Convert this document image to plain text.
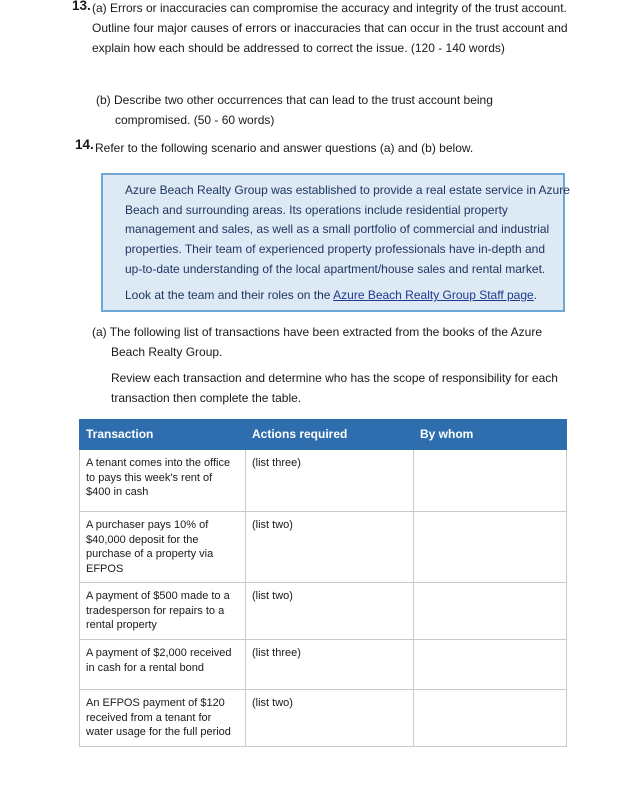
13. (a) Errors or inaccuracies can compromise the accuracy and integrity of the trust account.
Outline four major causes of errors or inaccuracies that can occur in the trust account and
explain how each should be addressed to correct the issue. (120 - 140 words)
(b) Describe two other occurrences that can lead to the trust account being
compromised. (50 - 60 words)
14. Refer to the following scenario and answer questions (a) and (b) below.
Azure Beach Realty Group was established to provide a real estate service in Azure
Beach and surrounding areas. Its operations include residential property
management and sales, as well as a small portfolio of commercial and industrial
properties. Their team of experienced property professionals have in-depth and
up-to-date understanding of the local apartment/house sales and rental market.
Look at the team and their roles on the Azure Beach Realty Group Staff page.
(a) The following list of transactions have been extracted from the books of the Azure
Beach Realty Group.
Review each transaction and determine who has the scope of responsibility for each
transaction then complete the table.
Transaction	Actions required	By whom
A tenant comes into the office to pays this week's rent of $400 in cash	(list three)	
A purchaser pays 10% of $40,000 deposit for the purchase of a property via EFPOS	(list two)	
A payment of $500 made to a tradesperson for repairs to a rental property	(list two)	
A payment of $2,000 received in cash for a rental bond	(list three)	
An EFPOS payment of $120 received from a tenant for water usage for the full period	(list two)	
